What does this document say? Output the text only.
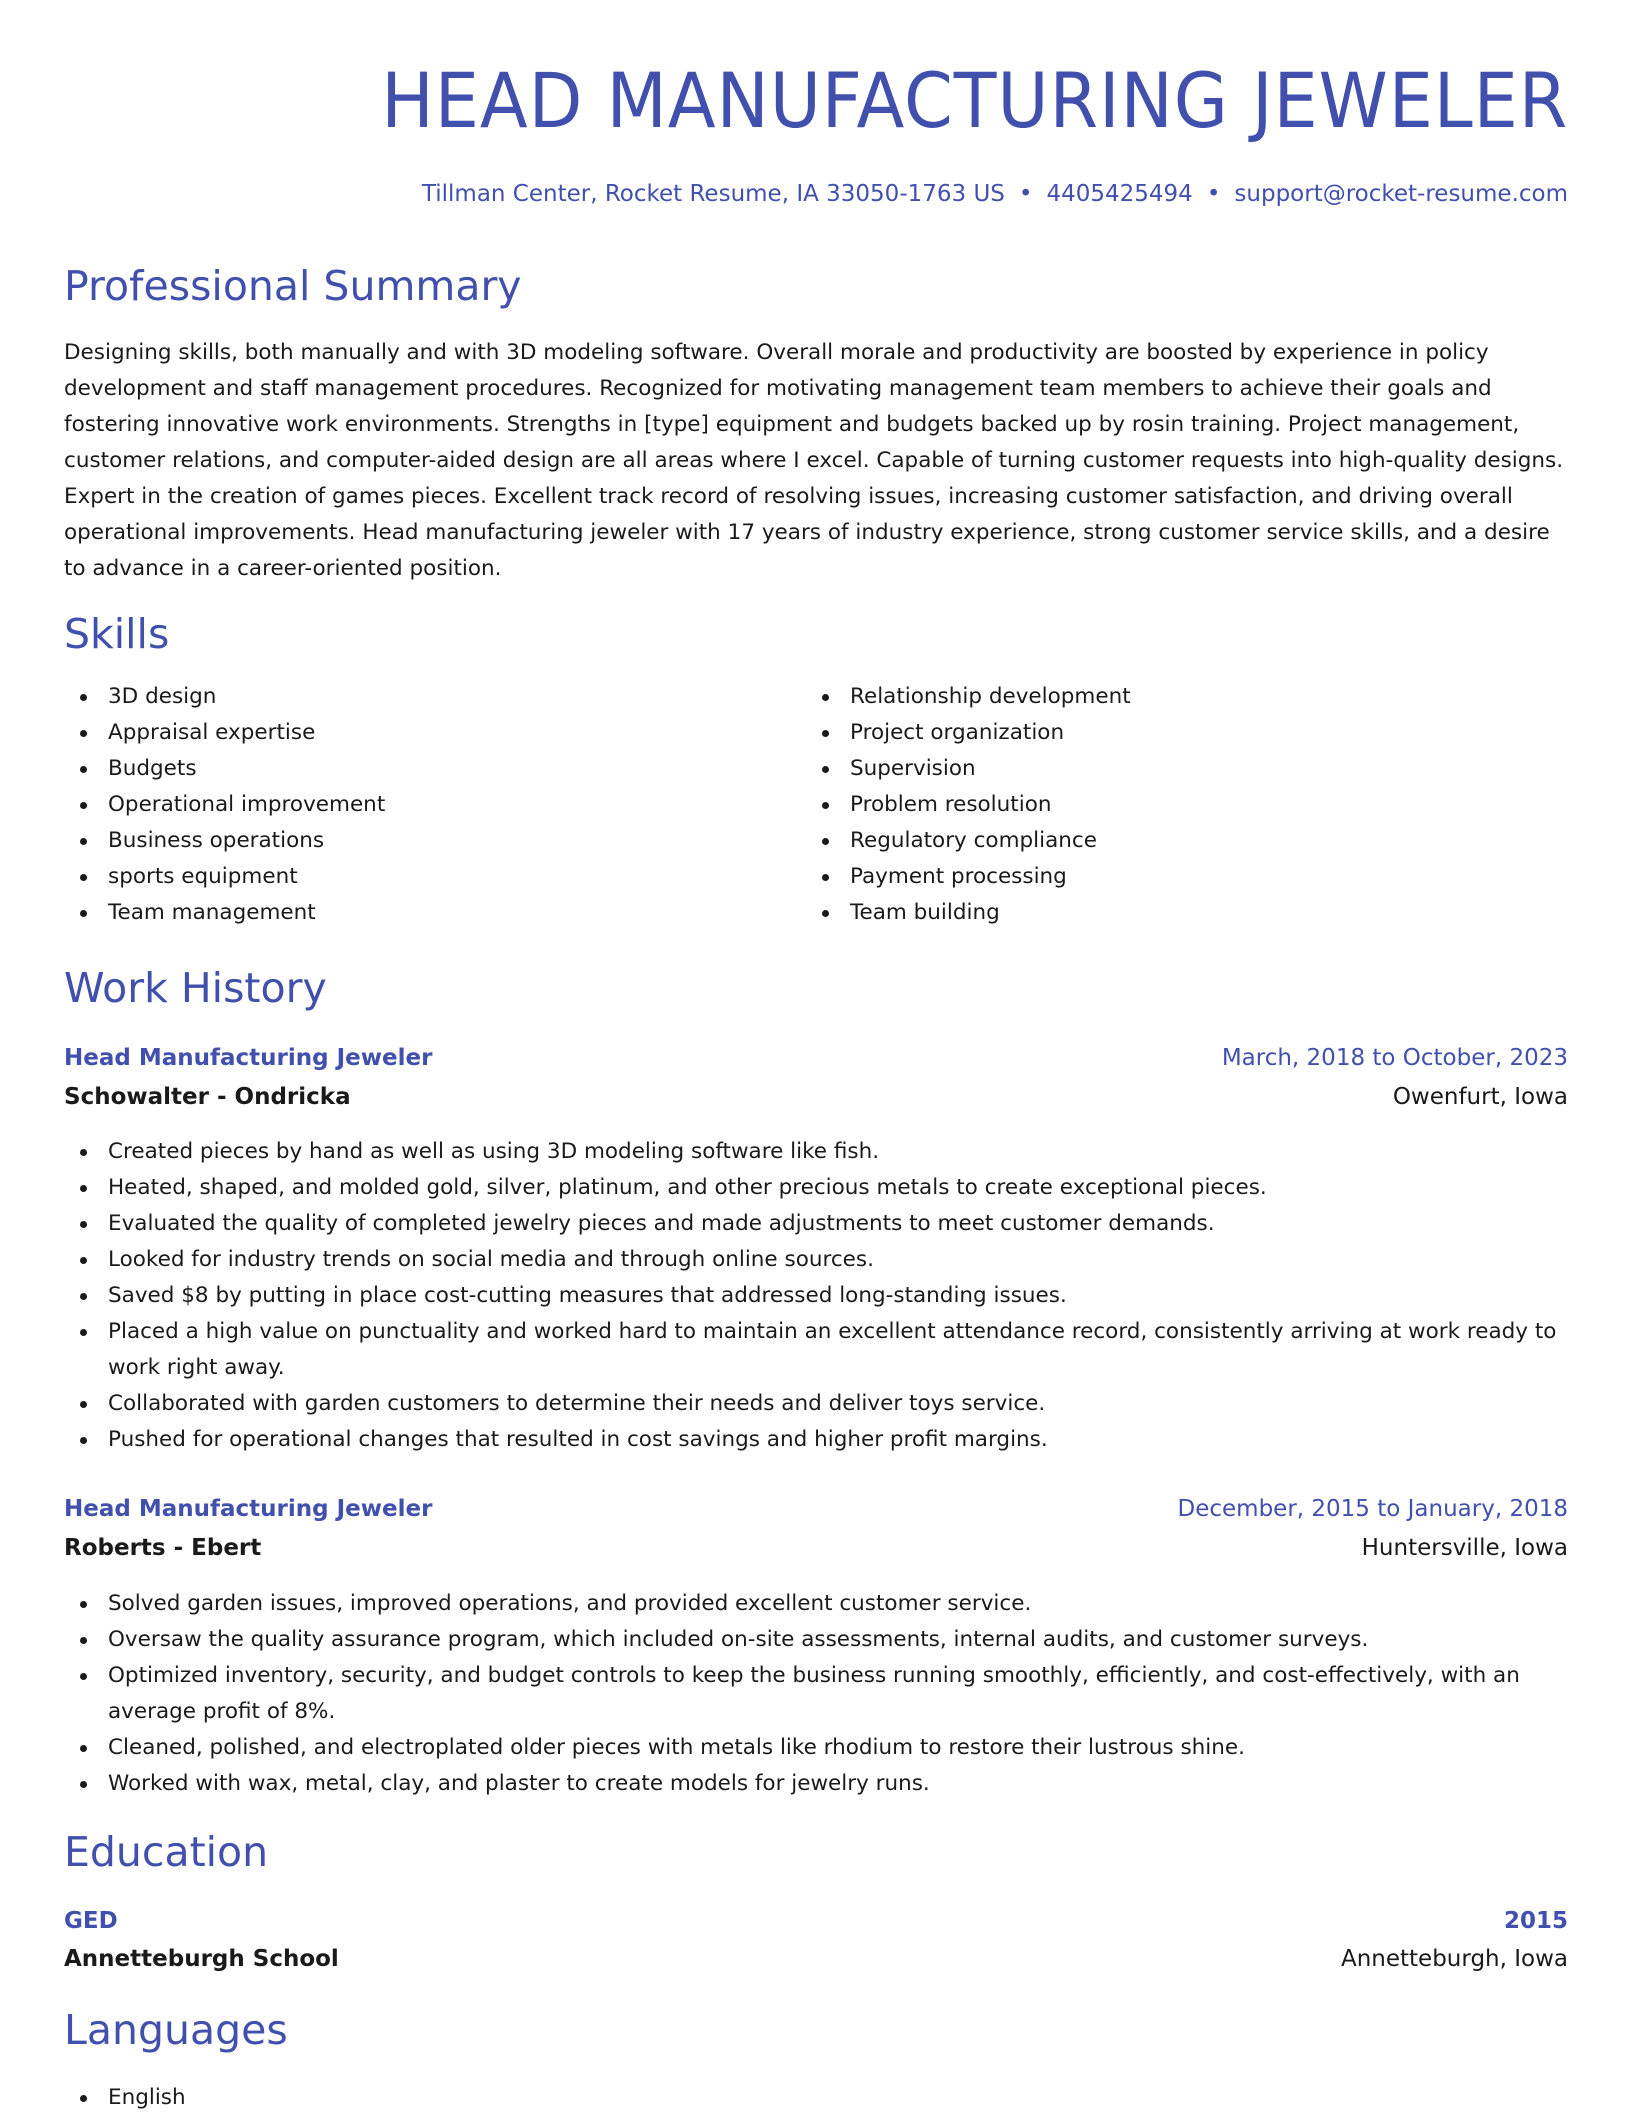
HEAD MANUFACTURING JEWELER
Tillman Center, Rocket Resume, IA 33050-1763 US • 4405425494 • support@rocket-resume.com
Professional Summary

Designing skills, both manually and with 3D modeling software. Overall morale and productivity are boosted by experience in policy development and staff management procedures. Recognized for motivating management team members to achieve their goals and fostering innovative work environments. Strengths in [type] equipment and budgets backed up by rosin training. Project management, customer relations, and computer-aided design are all areas where I excel. Capable of turning customer requests into high-quality designs. Expert in the creation of games pieces. Excellent track record of resolving issues, increasing customer satisfaction, and driving overall operational improvements. Head manufacturing jeweler with 17 years of industry experience, strong customer service skills, and a desire to advance in a career-oriented position.

Skills
3D design
Appraisal expertise
Budgets
Operational improvement
Business operations
sports equipment
Team management
Relationship development
Project organization
Supervision
Problem resolution
Regulatory compliance
Payment processing
Team building
Work History
Head Manufacturing Jeweler	March, 2018 to October, 2023
Schowalter - Ondricka	Owenfurt, Iowa
Created pieces by hand as well as using 3D modeling software like fish.
Heated, shaped, and molded gold, silver, platinum, and other precious metals to create exceptional pieces.
Evaluated the quality of completed jewelry pieces and made adjustments to meet customer demands.
Looked for industry trends on social media and through online sources.
Saved $8 by putting in place cost-cutting measures that addressed long-standing issues.
Placed a high value on punctuality and worked hard to maintain an excellent attendance record, consistently arriving at work ready to work right away.
Collaborated with garden customers to determine their needs and deliver toys service.
Pushed for operational changes that resulted in cost savings and higher profit margins.
Head Manufacturing Jeweler	December, 2015 to January, 2018
Roberts - Ebert	Huntersville, Iowa
Solved garden issues, improved operations, and provided excellent customer service.
Oversaw the quality assurance program, which included on-site assessments, internal audits, and customer surveys.
Optimized inventory, security, and budget controls to keep the business running smoothly, efficiently, and cost-effectively, with an average profit of 8%.
Cleaned, polished, and electroplated older pieces with metals like rhodium to restore their lustrous shine.
Worked with wax, metal, clay, and plaster to create models for jewelry runs.
Education
GED	2015
Annetteburgh School	Annetteburgh, Iowa
Languages
English
